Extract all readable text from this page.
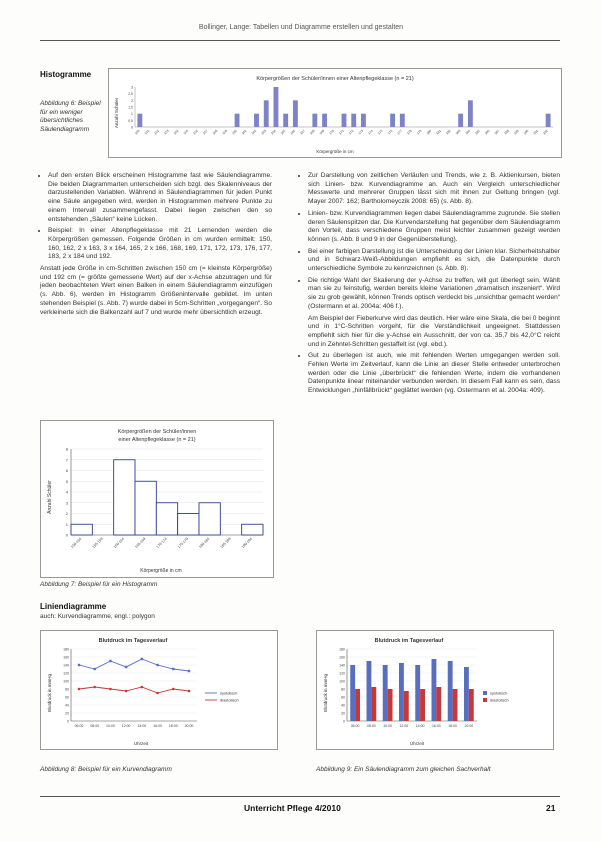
Bollinger, Lange: Tabellen und Diagramme erstellen und gestalten
Histogramme
Abbildung 6: Beispiel für ein weniger übersichtliches Säulendiagramm
Körpergrößen der Schüler/innen einer Altenpflegeklasse (n = 21)
Anzahl Schüler
Körpergröße in cm
0
0,5
1
1,5
2
2,5
3
150 151 152 153 154 155 156 157 158 159 160 161 162 163 164 165 166 167 168 169 170 171 172 173 174 175 176 177 178 179 180 181 182 183 184 185 186 187 188 189 190 191 192
• Auf den ersten Blick erscheinen Histogramme fast wie Säulendiagramme. Die beiden Diagrammarten unterscheiden sich bzgl. des Skalenniveaus der darzustellenden Variablen. Während in Säulendiagrammen für jeden Punkt eine Säule angegeben wird, werden in Histogrammen mehrere Punkte zu einem Intervall zusammengefasst. Dabei liegen zwischen den so entstehenden „Säulen“ keine Lücken.
• Beispiel: In einer Altenpflegeklasse mit 21 Lernenden werden die Körpergrößen gemessen. Folgende Größen in cm wurden ermittelt: 150, 160, 162, 2 x 163, 3 x 164, 165, 2 x 166, 168, 169, 171, 172, 173, 176, 177, 183, 2 x 184 und 192.
Anstatt jede Größe in cm-Schritten zwischen 150 cm (= kleinste Körpergröße) und 192 cm (= größte gemessene Wert) auf der x-Achse abzutragen und für jeden beobachteten Wert einen Balken in einem Säulendiagramm einzufügen (s. Abb. 6), werden im Histogramm Größenintervalle gebildet. Im unten stehenden Beispiel (s. Abb. 7) wurde dabei in 5cm-Schritten „vorgegangen“. So verkleinerte sich die Balkenzahl auf 7 und wurde mehr übersichtlich erzeugt.
Körpergrößen der Schüler/innen
einer Altenpflegeklasse (n = 21)
Anzahl Schüler
Körpergröße in cm
0
1
2
3
4
5
6
7
8
150-154	155-159	160-164	165-169	170-174	175-179	180-184	185-189	190-194
Abbildung 7: Beispiel für ein Histogramm
Liniendiagramme
auch: Kurvendiagramme, engl.: polygon
• Zur Darstellung von zeitlichen Verläufen und Trends, wie z. B. Aktienkursen, bieten sich Linien- bzw. Kurvendiagramme an. Auch ein Vergleich unterschiedlicher Messwerte und mehrerer Gruppen lässt sich mit ihnen zur Geltung bringen (vgl. Mayer 2007: 162; Bartholomeyczik 2008: 65) (s. Abb. 8).
• Linien- bzw. Kurvendiagrammen liegen dabei Säulendiagramme zugrunde. Sie stellen deren Säulenspitzen dar. Die Kurvendarstellung hat gegenüber dem Säulendiagramm den Vorteil, dass verschiedene Gruppen meist leichter zusammen gezeigt werden können (s. Abb. 8 und 9 in der Gegenüberstellung).
• Bei einer farbigen Darstellung ist die Unterscheidung der Linien klar. Sicherheitshalber und in Schwarz-Weiß-Abbildungen empfiehlt es sich, die Datenpunkte durch unterschiedliche Symbole zu kennzeichnen (s. Abb. 8).
• Die richtige Wahl der Skalierung der y-Achse zu treffen, will gut überlegt sein. Wählt man sie zu feinstufig, werden bereits kleine Variationen „dramatisch inszeniert“. Wird sie zu grob gewählt, können Trends optisch verdeckt bis „unsichtbar gemacht werden“ (Ostermann et al. 2004a: 406 f.).
Am Beispiel der Fieberkurve wird das deutlich. Hier wäre eine Skala, die bei 0 beginnt und in 1°C-Schritten vorgeht, für die Verständlichkeit ungeeignet. Stattdessen empfiehlt sich hier für die y-Achse ein Ausschnitt, der von ca. 35,7 bis 42,0°C reicht und in Zehntel-Schritten gestaffelt ist (vgl. ebd.).
• Gut zu überlegen ist auch, wie mit fehlenden Werten umgegangen werden soll. Fehlen Werte im Zeitverlauf, kann die Linie an dieser Stelle entweder unterbrochen werden oder die Linie „überbrückt“ die fehlenden Werte, indem die vorhandenen Datenpunkte linear miteinander verbunden werden. In diesem Fall kann es sein, dass Entwicklungen „hinfällbrückt“ geglättet werden (vg. Ostermann et al. 2004a: 409).
Blutdruck im Tagesverlauf
Blutdruck in mmHg
Uhrzeit
0
20
40
60
80
100
120
140
160
180
06:00 08:00 10:00 12:00 14:00 16:00 18:00 20:00
systolisch
diastolisch
Abbildung 8: Beispiel für ein Kurvendiagramm
Blutdruck im Tagesverlauf
Blutdruck in mmHg
Uhrzeit
0
20
40
60
80
100
120
140
160
180
06:00 08:00 10:00 12:00 14:00 16:00 18:00 20:00
systolisch
diastolisch
Abbildung 9: Ein Säulendiagramm zum gleichen Sachverhalt
Unterricht Pflege 4/2010	21
